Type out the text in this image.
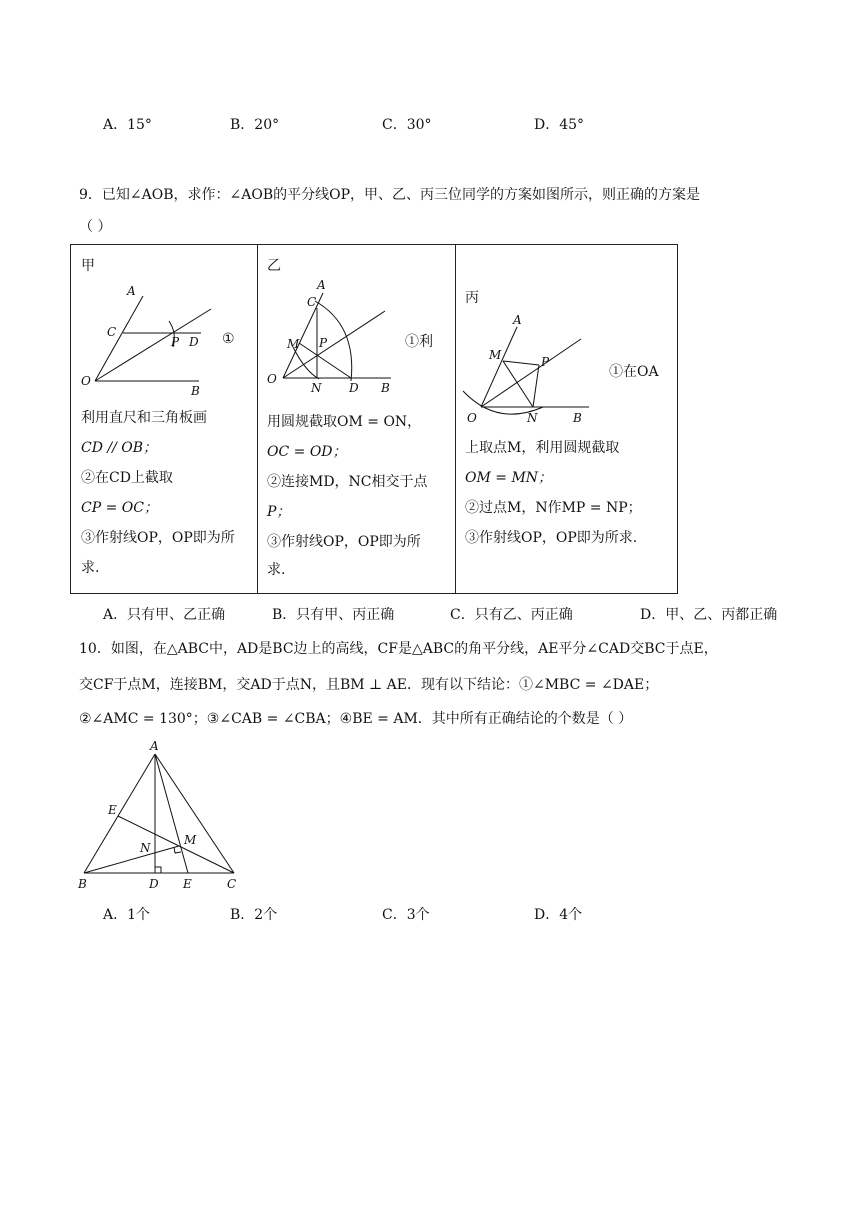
A．15°	B．20°	C．30°	D．45°
9．已知∠AOB，求作：∠AOB的平分线OP，甲、乙、丙三位同学的方案如图所示，则正确的方案是
（ ）
甲
A
C
P D
O
B
①
利用直尺和三角板画
CD // OB；
②在CD上截取
CP = OC；
③作射线OP，OP即为所
求.
乙
A
C
M P
O
N D B
①利
用圆规截取OM = ON，
OC = OD；
②连接MD，NC相交于点
P；
③作射线OP，OP即为所
求.
丙
A
M	P
O	N	B
①在OA
上取点M，利用圆规截取
OM = MN；
②过点M，N作MP = NP；
③作射线OP，OP即为所求.
A．只有甲、乙正确	B．只有甲、丙正确	C．只有乙、丙正确	D．甲、乙、丙都正确
10．如图，在△ABC中，AD是BC边上的高线，CF是△ABC的角平分线，AE平分∠CAD交BC于点E，
交CF于点M，连接BM，交AD于点N，且BM ⊥ AE．现有以下结论：①∠MBC = ∠DAE；
②∠AMC = 130°；③∠CAB = ∠CBA；④BE = AM．其中所有正确结论的个数是（ ）
A
E
M
N
B	D E	C
A．1个	B．2个	C．3个	D．4个
